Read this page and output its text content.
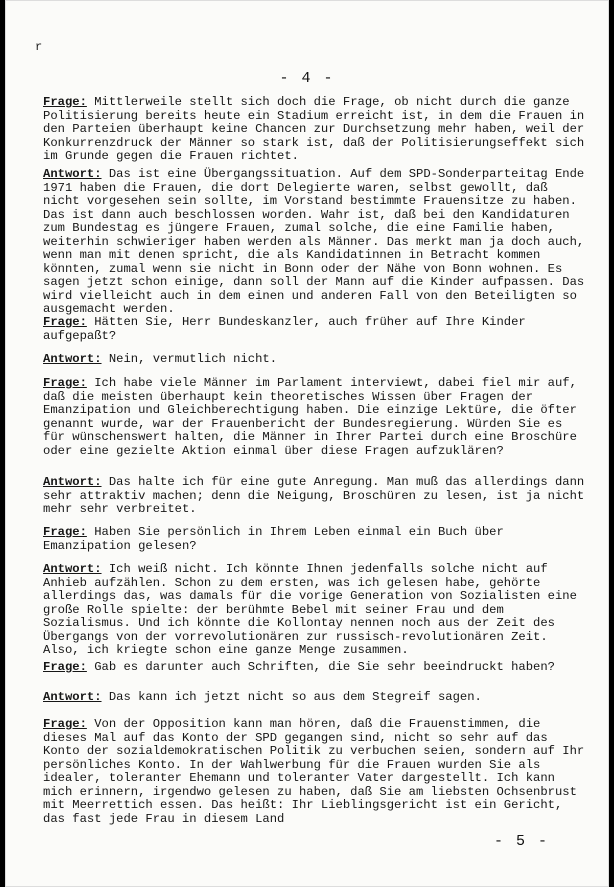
r
- 4 -
Frage: Mittlerweile stellt sich doch die Frage, ob nicht durch die ganze Politisierung bereits heute ein Stadium erreicht ist, in dem die Frauen in den Parteien überhaupt keine Chancen zur Durchsetzung mehr haben, weil der Konkurrenzdruck der Männer so stark ist, daß der Politisierungseffekt sich im Grunde gegen die Frauen richtet.
Antwort: Das ist eine Übergangssituation. Auf dem SPD-Sonderparteitag Ende 1971 haben die Frauen, die dort Delegierte waren, selbst gewollt, daß nicht vorgesehen sein sollte, im Vorstand bestimmte Frauensitze zu haben. Das ist dann auch beschlossen worden. Wahr ist, daß bei den Kandidaturen zum Bundestag es jüngere Frauen, zumal solche, die eine Familie haben, weiterhin schwieriger haben werden als Männer. Das merkt man ja doch auch, wenn man mit denen spricht, die als Kandidatinnen in Betracht kommen könnten, zumal wenn sie nicht in Bonn oder der Nähe von Bonn wohnen. Es sagen jetzt schon einige, dann soll der Mann auf die Kinder aufpassen. Das wird vielleicht auch in dem einen und anderen Fall von den Beteiligten so ausgemacht werden.
Frage: Hätten Sie, Herr Bundeskanzler, auch früher auf Ihre Kinder aufgepaßt?
Antwort: Nein, vermutlich nicht.
Frage: Ich habe viele Männer im Parlament interviewt, dabei fiel mir auf, daß die meisten überhaupt kein theoretisches Wissen über Fragen der Emanzipation und Gleichberechtigung haben. Die einzige Lektüre, die öfter genannt wurde, war der Frauenbericht der Bundesregierung. Würden Sie es für wünschenswert halten, die Männer in Ihrer Partei durch eine Broschüre oder eine gezielte Aktion einmal über diese Fragen aufzuklären?
Antwort: Das halte ich für eine gute Anregung. Man muß das allerdings dann sehr attraktiv machen; denn die Neigung, Broschüren zu lesen, ist ja nicht mehr sehr verbreitet.
Frage: Haben Sie persönlich in Ihrem Leben einmal ein Buch über Emanzipation gelesen?
Antwort: Ich weiß nicht. Ich könnte Ihnen jedenfalls solche nicht auf Anhieb aufzählen. Schon zu dem ersten, was ich gelesen habe, gehörte allerdings das, was damals für die vorige Generation von Sozialisten eine große Rolle spielte: der berühmte Bebel mit seiner Frau und dem Sozialismus. Und ich könnte die Kollontay nennen noch aus der Zeit des Übergangs von der vorrevolutionären zur russisch-revolutionären Zeit. Also, ich kriegte schon eine ganze Menge zusammen.
Frage: Gab es darunter auch Schriften, die Sie sehr beeindruckt haben?
Antwort: Das kann ich jetzt nicht so aus dem Stegreif sagen.
Frage: Von der Opposition kann man hören, daß die Frauenstimmen, die dieses Mal auf das Konto der SPD gegangen sind, nicht so sehr auf das Konto der sozialdemokratischen Politik zu verbuchen seien, sondern auf Ihr persönliches Konto. In der Wahlwerbung für die Frauen wurden Sie als idealer, toleranter Ehemann und toleranter Vater dargestellt. Ich kann mich erinnern, irgendwo gelesen zu haben, daß Sie am liebsten Ochsenbrust mit Meerrettich essen. Das heißt: Ihr Lieblingsgericht ist ein Gericht, das fast jede Frau in diesem Land
- 5 -
